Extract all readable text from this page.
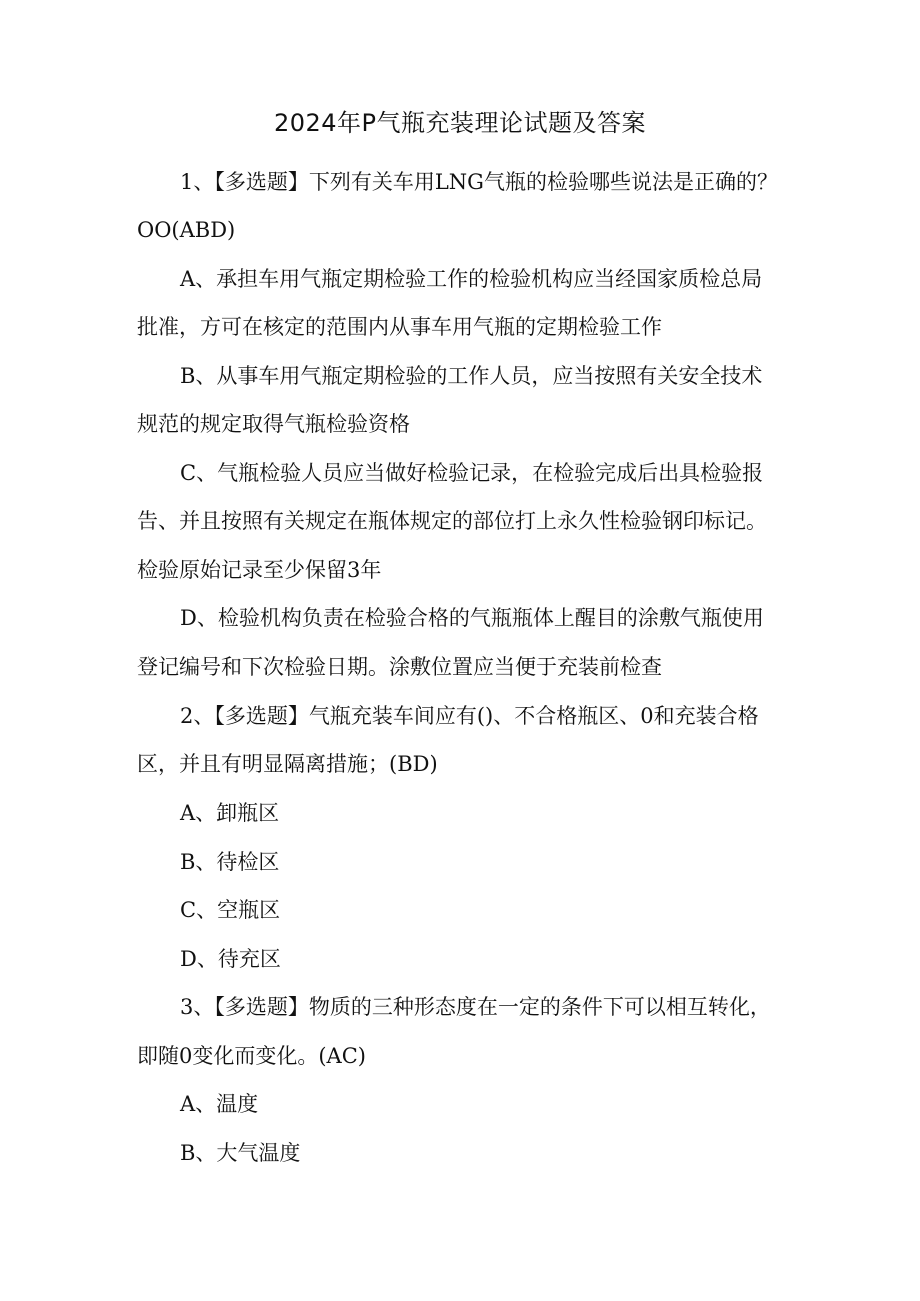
2024年P气瓶充装理论试题及答案
1、【多选题】下列有关车用LNG气瓶的检验哪些说法是正确的？
OO(ABD)
A、承担车用气瓶定期检验工作的检验机构应当经国家质检总局
批准，方可在核定的范围内从事车用气瓶的定期检验工作
B、从事车用气瓶定期检验的工作人员，应当按照有关安全技术
规范的规定取得气瓶检验资格
C、气瓶检验人员应当做好检验记录，在检验完成后出具检验报
告、并且按照有关规定在瓶体规定的部位打上永久性检验钢印标记。
检验原始记录至少保留3年
D、检验机构负责在检验合格的气瓶瓶体上醒目的涂敷气瓶使用
登记编号和下次检验日期。涂敷位置应当便于充装前检查
2、【多选题】气瓶充装车间应有()、不合格瓶区、0和充装合格
区，并且有明显隔离措施；(BD)
A、卸瓶区
B、待检区
C、空瓶区
D、待充区
3、【多选题】物质的三种形态度在一定的条件下可以相互转化，
即随0变化而变化。(AC)
A、温度
B、大气温度
